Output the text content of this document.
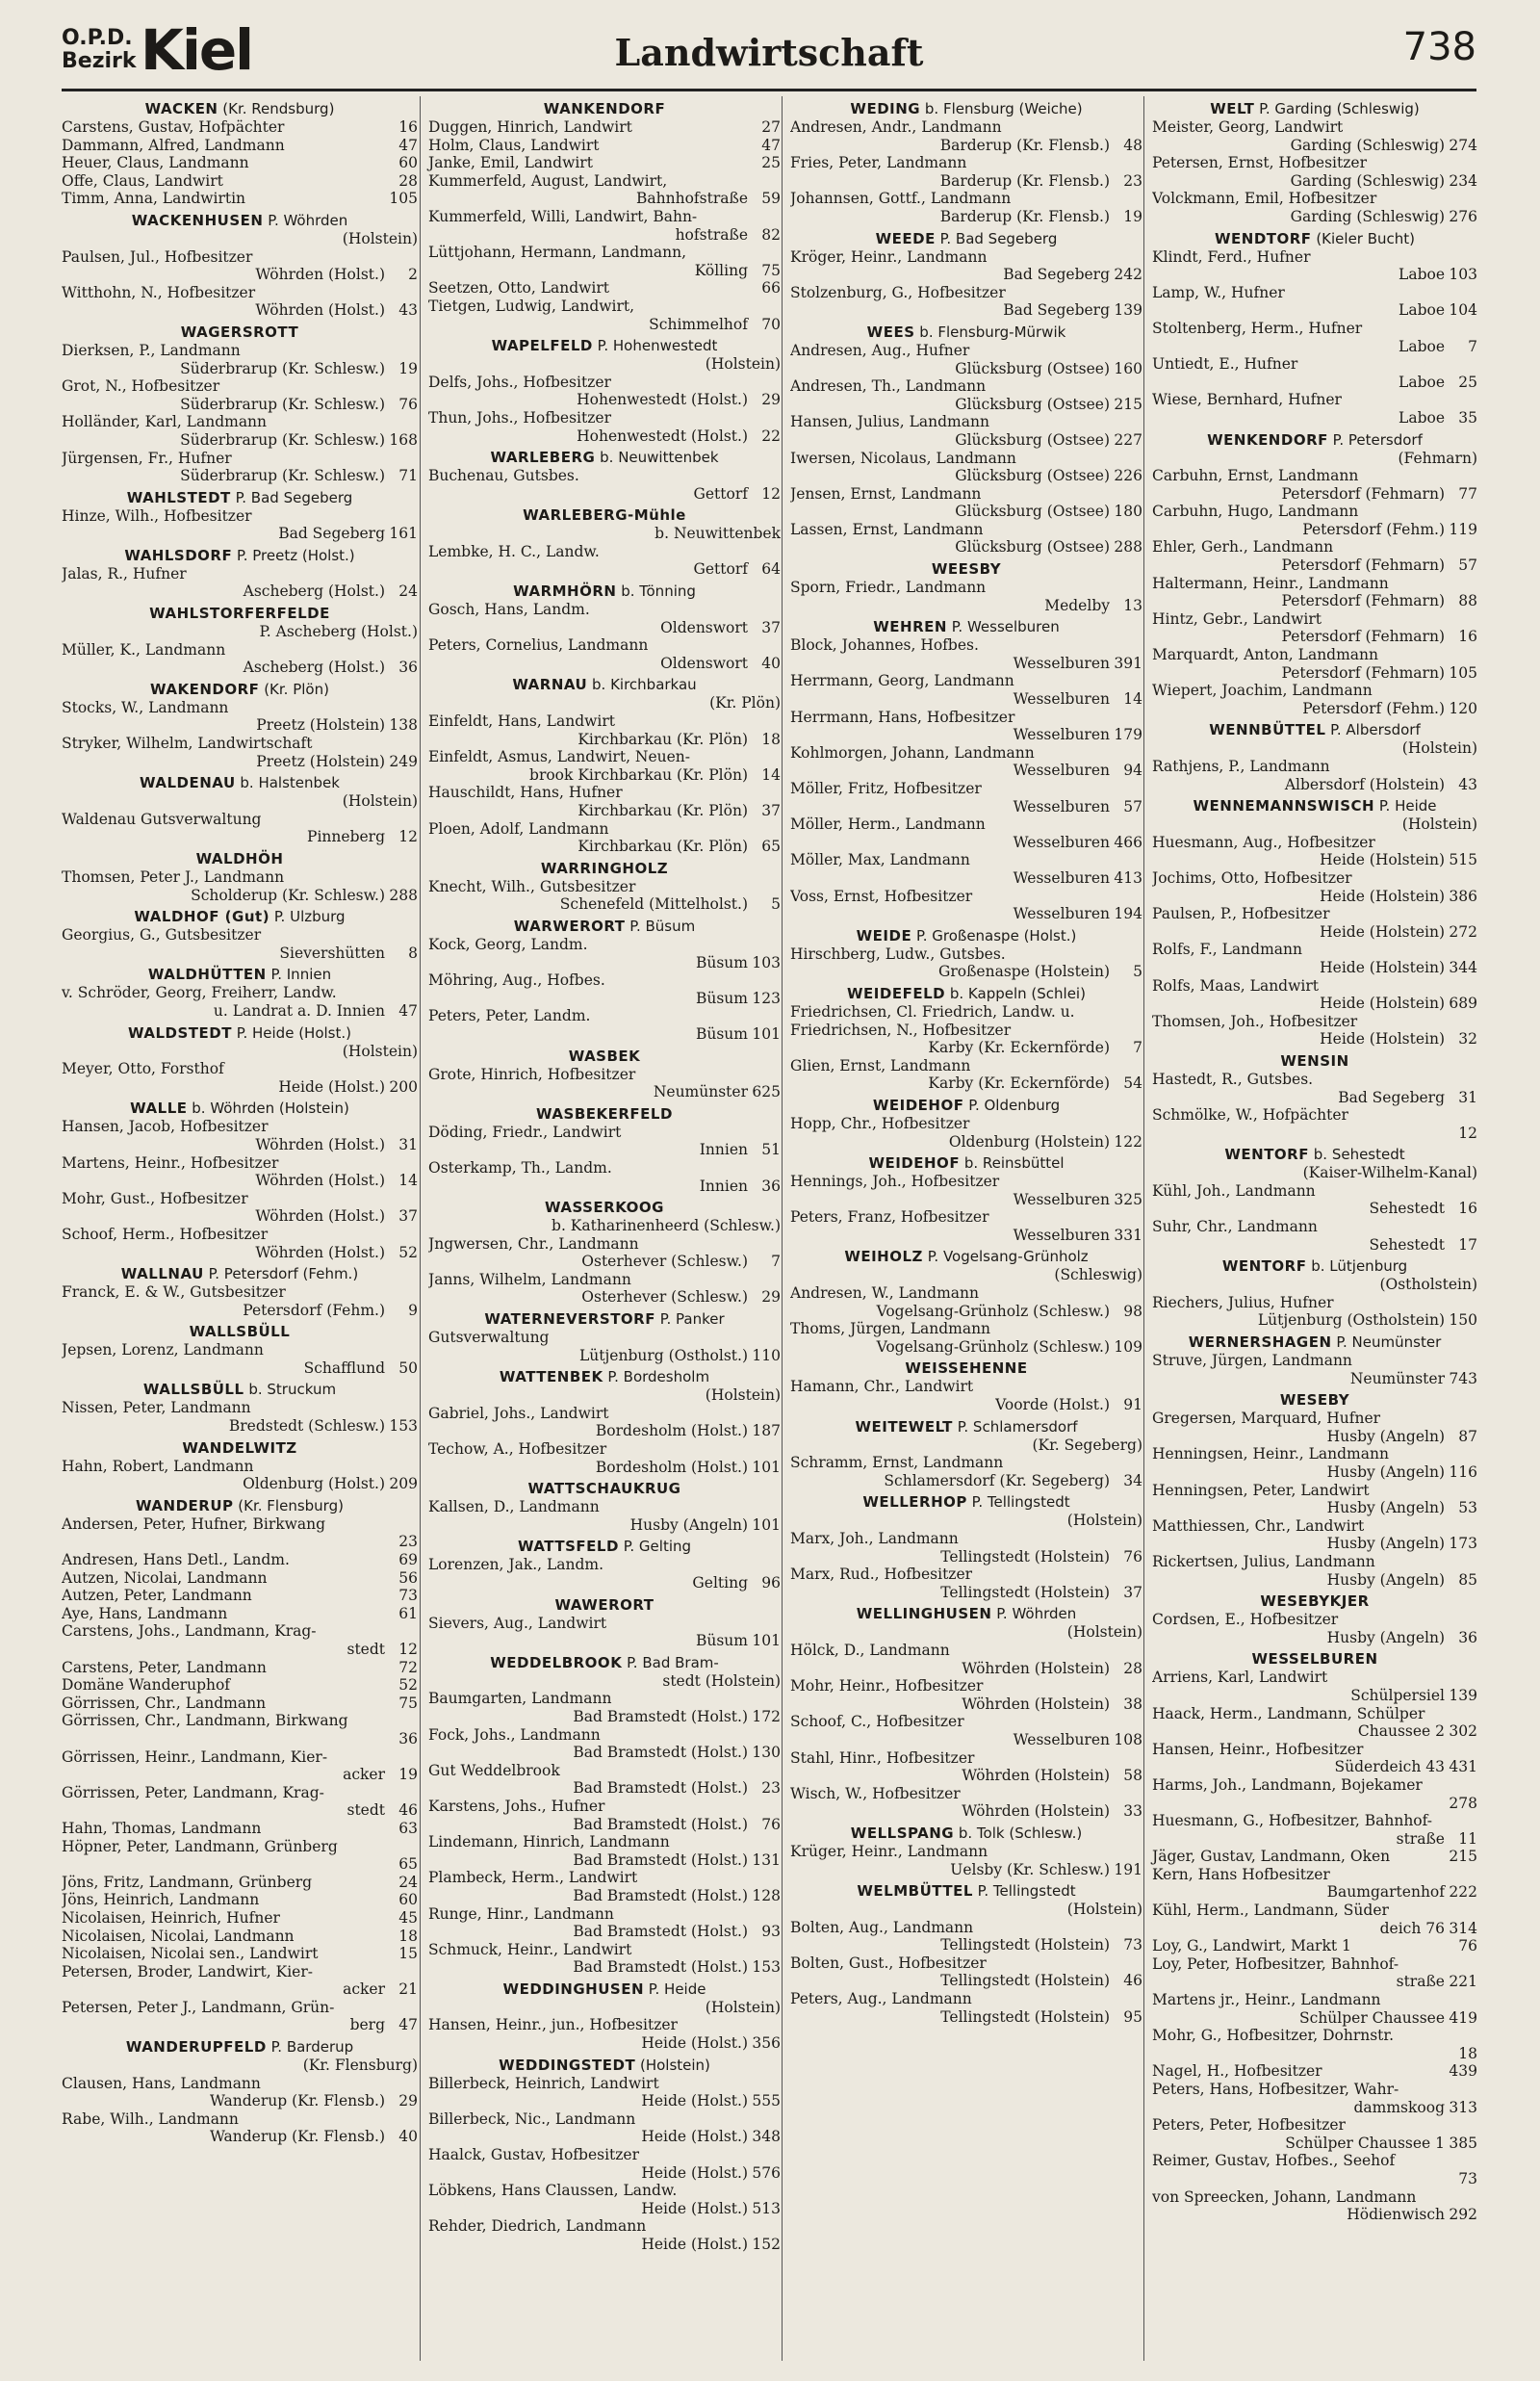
O.P.D.
Bezirk Kiel	Landwirtschaft	738
WACKEN (Kr. Rendsburg)
Carstens, Gustav, Hofpächter	16
Dammann, Alfred, Landmann	47
Heuer, Claus, Landmann	60
Offe, Claus, Landwirt	28
Timm, Anna, Landwirtin	105
WACKENHUSEN P. Wöhrden
(Holstein)
Paulsen, Jul., Hofbesitzer
Wöhrden (Holst.)	2
Witthohn, N., Hofbesitzer
Wöhrden (Holst.) 43
WAGERSROTT
Dierksen, P., Landmann
Süderbrarup (Kr. Schlesw.) 19
Grot, N., Hofbesitzer
Süderbrarup (Kr. Schlesw.) 76
Holländer, Karl, Landmann
Süderbrarup (Kr. Schlesw.) 168
Jürgensen, Fr., Hufner
Süderbrarup (Kr. Schlesw.) 71
WAHLSTEDT P. Bad Segeberg
Hinze, Wilh., Hofbesitzer
Bad Segeberg 161
WAHLSDORF P. Preetz (Holst.)
Jalas, R., Hufner
Ascheberg (Holst.) 24
WAHLSTORFERFELDE
P. Ascheberg (Holst.)
Müller, K., Landmann
Ascheberg (Holst.) 36
WAKENDORF (Kr. Plön)
Stocks, W., Landmann
Preetz (Holstein) 138
Stryker, Wilhelm, Landwirtschaft
Preetz (Holstein) 249
WALDENAU b. Halstenbek
(Holstein)
Waldenau Gutsverwaltung
Pinneberg 12
WALDHÖH
Thomsen, Peter J., Landmann
Scholderup (Kr. Schlesw.) 288
WALDHOF (Gut) P. Ulzburg
Georgius, G., Gutsbesitzer
Sievershütten	8
WALDHÜTTEN P. Innien
v. Schröder, Georg, Freiherr, Landw.
u. Landrat a. D. Innien 47
WALDSTEDT P. Heide (Holst.)
(Holstein)
Meyer, Otto, Forsthof
Heide (Holst.) 200
WALLE b. Wöhrden (Holstein)
Hansen, Jacob, Hofbesitzer
Wöhrden (Holst.) 31
Martens, Heinr., Hofbesitzer
Wöhrden (Holst.) 14
Mohr, Gust., Hofbesitzer
Wöhrden (Holst.) 37
Schoof, Herm., Hofbesitzer
Wöhrden (Holst.) 52
WALLNAU P. Petersdorf (Fehm.)
Franck, E. & W., Gutsbesitzer
Petersdorf (Fehm.)	9
WALLSBÜLL
Jepsen, Lorenz, Landmann
Schafflund 50
WALLSBÜLL b. Struckum
Nissen, Peter, Landmann
Bredstedt (Schlesw.) 153
WANDELWITZ
Hahn, Robert, Landmann
Oldenburg (Holst.) 209
WANDERUP (Kr. Flensburg)
Andersen, Peter, Hufner, Birkwang
23
Andresen, Hans Detl., Landm.	69
Autzen, Nicolai, Landmann	56
Autzen, Peter, Landmann	73
Aye, Hans, Landmann	61
Carstens, Johs., Landmann, Krag-
stedt 12
Carstens, Peter, Landmann	72
Domäne Wanderuphof	52
Görrissen, Chr., Landmann	75
Görrissen, Chr., Landmann, Birkwang
36
Görrissen, Heinr., Landmann, Kier-
acker 19
Görrissen, Peter, Landmann, Krag-
stedt 46
Hahn, Thomas, Landmann	63
Höpner, Peter, Landmann, Grünberg
65
Jöns, Fritz, Landmann, Grünberg	24
Jöns, Heinrich, Landmann	60
Nicolaisen, Heinrich, Hufner	45
Nicolaisen, Nicolai, Landmann	18
Nicolaisen, Nicolai sen., Landwirt	15
Petersen, Broder, Landwirt, Kier-
acker 21
Petersen, Peter J., Landmann, Grün-
berg 47
WANDERUPFELD P. Barderup
(Kr. Flensburg)
Clausen, Hans, Landmann
Wanderup (Kr. Flensb.) 29
Rabe, Wilh., Landmann
Wanderup (Kr. Flensb.) 40
WANKENDORF
Duggen, Hinrich, Landwirt	27
Holm, Claus, Landwirt	47
Janke, Emil, Landwirt	25
Kummerfeld, August, Landwirt,
Bahnhofstraße 59
Kummerfeld, Willi, Landwirt, Bahn-
hofstraße 82
Lüttjohann, Hermann, Landmann,
Kölling 75
Seetzen, Otto, Landwirt	66
Tietgen, Ludwig, Landwirt,
Schimmelhof 70
WAPELFELD P. Hohenwestedt
(Holstein)
Delfs, Johs., Hofbesitzer
Hohenwestedt (Holst.) 29
Thun, Johs., Hofbesitzer
Hohenwestedt (Holst.) 22
WARLEBERG b. Neuwittenbek
Buchenau, Gutsbes.
Gettorf 12
WARLEBERG-Mühle
b. Neuwittenbek
Lembke, H. C., Landw.
Gettorf 64
WARMHÖRN b. Tönning
Gosch, Hans, Landm.
Oldenswort 37
Peters, Cornelius, Landmann
Oldenswort 40
WARNAU b. Kirchbarkau
(Kr. Plön)
Einfeldt, Hans, Landwirt
Kirchbarkau (Kr. Plön) 18
Einfeldt, Asmus, Landwirt, Neuen-
brook Kirchbarkau (Kr. Plön) 14
Hauschildt, Hans, Hufner
Kirchbarkau (Kr. Plön) 37
Ploen, Adolf, Landmann
Kirchbarkau (Kr. Plön) 65
WARRINGHOLZ
Knecht, Wilh., Gutsbesitzer
Schenefeld (Mittelholst.)	5
WARWERORT P. Büsum
Kock, Georg, Landm.
Büsum 103
Möhring, Aug., Hofbes.
Büsum 123
Peters, Peter, Landm.
Büsum 101
WASBEK
Grote, Hinrich, Hofbesitzer
Neumünster 625
WASBEKERFELD
Döding, Friedr., Landwirt
Innien 51
Osterkamp, Th., Landm.
Innien 36
WASSERKOOG
b. Katharinenheerd (Schlesw.)
Jngwersen, Chr., Landmann
Osterhever (Schlesw.)	7
Janns, Wilhelm, Landmann
Osterhever (Schlesw.) 29
WATERNEVERSTORF P. Panker
Gutsverwaltung
Lütjenburg (Ostholst.) 110
WATTENBEK P. Bordesholm
(Holstein)
Gabriel, Johs., Landwirt
Bordesholm (Holst.) 187
Techow, A., Hofbesitzer
Bordesholm (Holst.) 101
WATTSCHAUKRUG
Kallsen, D., Landmann
Husby (Angeln) 101
WATTSFELD P. Gelting
Lorenzen, Jak., Landm.
Gelting 96
WAWERORT
Sievers, Aug., Landwirt
Büsum 101
WEDDELBROOK P. Bad Bram-
stedt (Holstein)
Baumgarten, Landmann
Bad Bramstedt (Holst.) 172
Fock, Johs., Landmann
Bad Bramstedt (Holst.) 130
Gut Weddelbrook
Bad Bramstedt (Holst.) 23
Karstens, Johs., Hufner
Bad Bramstedt (Holst.) 76
Lindemann, Hinrich, Landmann
Bad Bramstedt (Holst.) 131
Plambeck, Herm., Landwirt
Bad Bramstedt (Holst.) 128
Runge, Hinr., Landmann
Bad Bramstedt (Holst.) 93
Schmuck, Heinr., Landwirt
Bad Bramstedt (Holst.) 153
WEDDINGHUSEN P. Heide
(Holstein)
Hansen, Heinr., jun., Hofbesitzer
Heide (Holst.) 356
WEDDINGSTEDT (Holstein)
Billerbeck, Heinrich, Landwirt
Heide (Holst.) 555
Billerbeck, Nic., Landmann
Heide (Holst.) 348
Haalck, Gustav, Hofbesitzer
Heide (Holst.) 576
Löbkens, Hans Claussen, Landw.
Heide (Holst.) 513
Rehder, Diedrich, Landmann
Heide (Holst.) 152
WEDING b. Flensburg (Weiche)
Andresen, Andr., Landmann
Barderup (Kr. Flensb.) 48
Fries, Peter, Landmann
Barderup (Kr. Flensb.) 23
Johannsen, Gottf., Landmann
Barderup (Kr. Flensb.) 19
WEEDE P. Bad Segeberg
Kröger, Heinr., Landmann
Bad Segeberg 242
Stolzenburg, G., Hofbesitzer
Bad Segeberg 139
WEES b. Flensburg-Mürwik
Andresen, Aug., Hufner
Glücksburg (Ostsee) 160
Andresen, Th., Landmann
Glücksburg (Ostsee) 215
Hansen, Julius, Landmann
Glücksburg (Ostsee) 227
Iwersen, Nicolaus, Landmann
Glücksburg (Ostsee) 226
Jensen, Ernst, Landmann
Glücksburg (Ostsee) 180
Lassen, Ernst, Landmann
Glücksburg (Ostsee) 288
WEESBY
Sporn, Friedr., Landmann
Medelby 13
WEHREN P. Wesselburen
Block, Johannes, Hofbes.
Wesselburen 391
Herrmann, Georg, Landmann
Wesselburen 14
Herrmann, Hans, Hofbesitzer
Wesselburen 179
Kohlmorgen, Johann, Landmann
Wesselburen 94
Möller, Fritz, Hofbesitzer
Wesselburen 57
Möller, Herm., Landmann
Wesselburen 466
Möller, Max, Landmann
Wesselburen 413
Voss, Ernst, Hofbesitzer
Wesselburen 194
WEIDE P. Großenaspe (Holst.)
Hirschberg, Ludw., Gutsbes.
Großenaspe (Holstein)	5
WEIDEFELD b. Kappeln (Schlei)
Friedrichsen, Cl. Friedrich, Landw. u.
Friedrichsen, N., Hofbesitzer
Karby (Kr. Eckernförde)	7
Glien, Ernst, Landmann
Karby (Kr. Eckernförde) 54
WEIDEHOF P. Oldenburg
Hopp, Chr., Hofbesitzer
Oldenburg (Holstein) 122
WEIDEHOF b. Reinsbüttel
Hennings, Joh., Hofbesitzer
Wesselburen 325
Peters, Franz, Hofbesitzer
Wesselburen 331
WEIHOLZ P. Vogelsang-Grünholz
(Schleswig)
Andresen, W., Landmann
Vogelsang-Grünholz (Schlesw.) 98
Thoms, Jürgen, Landmann
Vogelsang-Grünholz (Schlesw.) 109
WEISSEHENNE
Hamann, Chr., Landwirt
Voorde (Holst.) 91
WEITEWELT P. Schlamersdorf
(Kr. Segeberg)
Schramm, Ernst, Landmann
Schlamersdorf (Kr. Segeberg) 34
WELLERHOP P. Tellingstedt
(Holstein)
Marx, Joh., Landmann
Tellingstedt (Holstein) 76
Marx, Rud., Hofbesitzer
Tellingstedt (Holstein) 37
WELLINGHUSEN P. Wöhrden
(Holstein)
Hölck, D., Landmann
Wöhrden (Holstein) 28
Mohr, Heinr., Hofbesitzer
Wöhrden (Holstein) 38
Schoof, C., Hofbesitzer
Wesselburen 108
Stahl, Hinr., Hofbesitzer
Wöhrden (Holstein) 58
Wisch, W., Hofbesitzer
Wöhrden (Holstein) 33
WELLSPANG b. Tolk (Schlesw.)
Krüger, Heinr., Landmann
Uelsby (Kr. Schlesw.) 191
WELMBÜTTEL P. Tellingstedt
(Holstein)
Bolten, Aug., Landmann
Tellingstedt (Holstein) 73
Bolten, Gust., Hofbesitzer
Tellingstedt (Holstein) 46
Peters, Aug., Landmann
Tellingstedt (Holstein) 95
WELT P. Garding (Schleswig)
Meister, Georg, Landwirt
Garding (Schleswig) 274
Petersen, Ernst, Hofbesitzer
Garding (Schleswig) 234
Volckmann, Emil, Hofbesitzer
Garding (Schleswig) 276
WENDTORF (Kieler Bucht)
Klindt, Ferd., Hufner
Laboe 103
Lamp, W., Hufner
Laboe 104
Stoltenberg, Herm., Hufner
Laboe	7
Untiedt, E., Hufner
Laboe 25
Wiese, Bernhard, Hufner
Laboe 35
WENKENDORF P. Petersdorf
(Fehmarn)
Carbuhn, Ernst, Landmann
Petersdorf (Fehmarn) 77
Carbuhn, Hugo, Landmann
Petersdorf (Fehm.) 119
Ehler, Gerh., Landmann
Petersdorf (Fehmarn) 57
Haltermann, Heinr., Landmann
Petersdorf (Fehmarn) 88
Hintz, Gebr., Landwirt
Petersdorf (Fehmarn) 16
Marquardt, Anton, Landmann
Petersdorf (Fehmarn) 105
Wiepert, Joachim, Landmann
Petersdorf (Fehm.) 120
WENNBÜTTEL P. Albersdorf
(Holstein)
Rathjens, P., Landmann
Albersdorf (Holstein) 43
WENNEMANNSWISCH P. Heide
(Holstein)
Huesmann, Aug., Hofbesitzer
Heide (Holstein) 515
Jochims, Otto, Hofbesitzer
Heide (Holstein) 386
Paulsen, P., Hofbesitzer
Heide (Holstein) 272
Rolfs, F., Landmann
Heide (Holstein) 344
Rolfs, Maas, Landwirt
Heide (Holstein) 689
Thomsen, Joh., Hofbesitzer
Heide (Holstein) 32
WENSIN
Hastedt, R., Gutsbes.
Bad Segeberg 31
Schmölke, W., Hofpächter
12
WENTORF b. Sehestedt
(Kaiser-Wilhelm-Kanal)
Kühl, Joh., Landmann
Sehestedt 16
Suhr, Chr., Landmann
Sehestedt 17
WENTORF b. Lütjenburg
(Ostholstein)
Riechers, Julius, Hufner
Lütjenburg (Ostholstein) 150
WERNERSHAGEN P. Neumünster
Struve, Jürgen, Landmann
Neumünster 743
WESEBY
Gregersen, Marquard, Hufner
Husby (Angeln) 87
Henningsen, Heinr., Landmann
Husby (Angeln) 116
Henningsen, Peter, Landwirt
Husby (Angeln) 53
Matthiessen, Chr., Landwirt
Husby (Angeln) 173
Rickertsen, Julius, Landmann
Husby (Angeln) 85
WESEBYKJER
Cordsen, E., Hofbesitzer
Husby (Angeln) 36
WESSELBUREN
Arriens, Karl, Landwirt
Schülpersiel 139
Haack, Herm., Landmann, Schülper
Chaussee 2 302
Hansen, Heinr., Hofbesitzer
Süderdeich 43 431
Harms, Joh., Landmann, Bojekamer
278
Huesmann, G., Hofbesitzer, Bahnhof-
straße 11
Jäger, Gustav, Landmann, Oken	215
Kern, Hans Hofbesitzer
Baumgartenhof 222
Kühl, Herm., Landmann, Süder
deich 76 314
Loy, G., Landwirt, Markt 1	76
Loy, Peter, Hofbesitzer, Bahnhof-
straße 221
Martens jr., Heinr., Landmann
Schülper Chaussee 419
Mohr, G., Hofbesitzer, Dohrnstr.
18
Nagel, H., Hofbesitzer	439
Peters, Hans, Hofbesitzer, Wahr-
dammskoog 313
Peters, Peter, Hofbesitzer
Schülper Chaussee 1 385
Reimer, Gustav, Hofbes., Seehof
73
von Spreecken, Johann, Landmann
Hödienwisch 292
